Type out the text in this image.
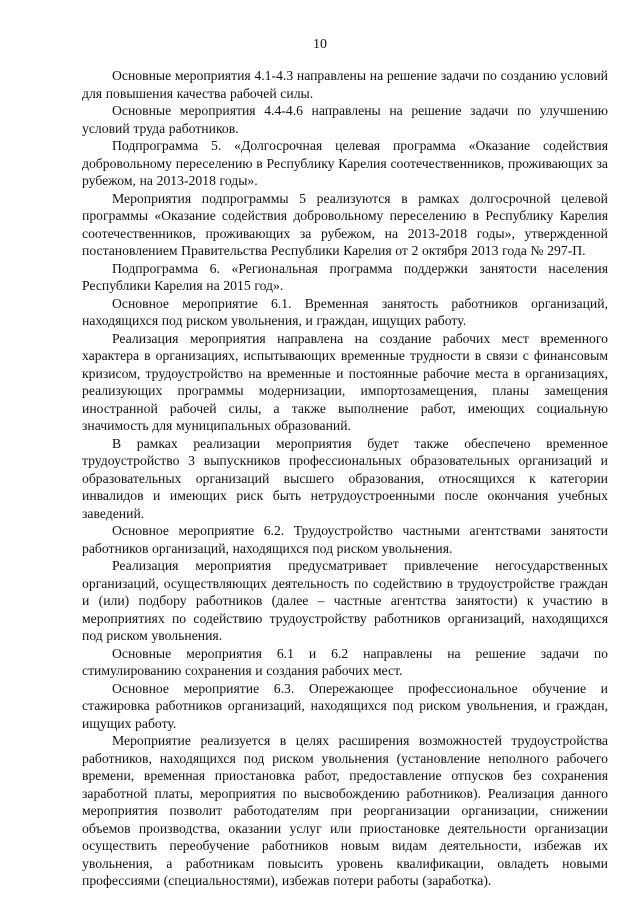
10

Основные мероприятия 4.1-4.3 направлены на решение задачи по созданию условий для повышения качества рабочей силы.

Основные мероприятия 4.4-4.6 направлены на решение задачи по улучшению условий труда работников.

Подпрограмма 5. «Долгосрочная целевая программа «Оказание содействия добровольному переселению в Республику Карелия соотечественников, проживающих за рубежом, на 2013-2018 годы».

Мероприятия подпрограммы 5 реализуются в рамках долгосрочной целевой программы «Оказание содействия добровольному переселению в Республику Карелия соотечественников, проживающих за рубежом, на 2013-2018 годы», утвержденной постановлением Правительства Республики Карелия от 2 октября 2013 года № 297-П.

Подпрограмма 6. «Региональная программа поддержки занятости населения Республики Карелия на 2015 год».

Основное мероприятие 6.1. Временная занятость работников организаций, находящихся под риском увольнения, и граждан, ищущих работу.

Реализация мероприятия направлена на создание рабочих мест временного характера в организациях, испытывающих временные трудности в связи с финансовым кризисом, трудоустройство на временные и постоянные рабочие места в организациях, реализующих программы модернизации, импортозамещения, планы замещения иностранной рабочей силы, а также выполнение работ, имеющих социальную значимость для муниципальных образований.

В рамках реализации мероприятия будет также обеспечено временное трудоустройство 3 выпускников профессиональных образовательных организаций и образовательных организаций высшего образования, относящихся к категории инвалидов и имеющих риск быть нетрудоустроенными после окончания учебных заведений.

Основное мероприятие 6.2. Трудоустройство частными агентствами занятости работников организаций, находящихся под риском увольнения.

Реализация мероприятия предусматривает привлечение негосударственных организаций, осуществляющих деятельность по содействию в трудоустройстве граждан и (или) подбору работников (далее – частные агентства занятости) к участию в мероприятиях по содействию трудоустройству работников организаций, находящихся под риском увольнения.

Основные мероприятия 6.1 и 6.2 направлены на решение задачи по стимулированию сохранения и создания рабочих мест.

Основное мероприятие 6.3. Опережающее профессиональное обучение и стажировка работников организаций, находящихся под риском увольнения, и граждан, ищущих работу.

Мероприятие реализуется в целях расширения возможностей трудоустройства работников, находящихся под риском увольнения (установление неполного рабочего времени, временная приостановка работ, предоставление отпусков без сохранения заработной платы, мероприятия по высвобождению работников). Реализация данного мероприятия позволит работодателям при реорганизации организации, снижении объемов производства, оказании услуг или приостановке деятельности организации осуществить переобучение работников новым видам деятельности, избежав их увольнения, а работникам повысить уровень квалификации, овладеть новыми профессиями (специальностями), избежав потери работы (заработка).
